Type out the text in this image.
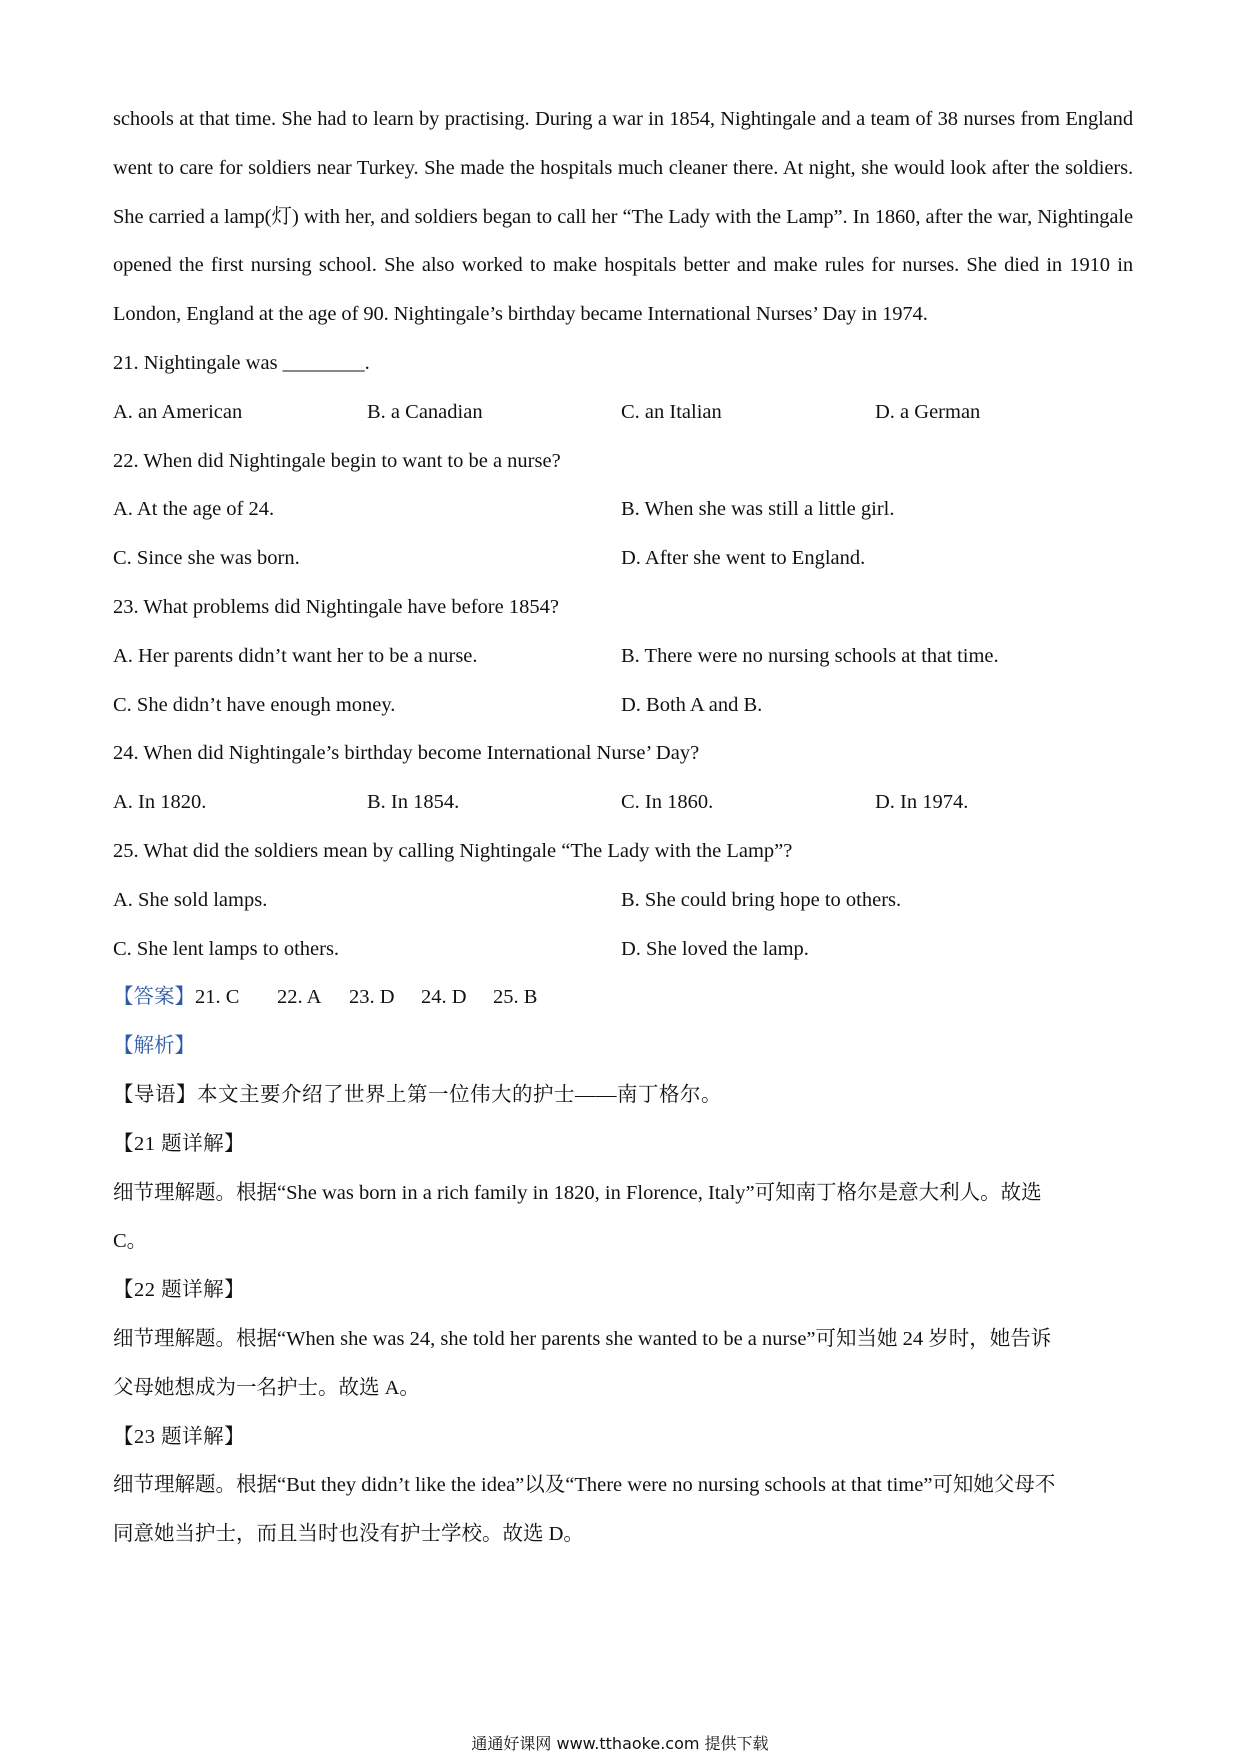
schools at that time. She had to learn by practising. During a war in 1854, Nightingale and a team of 38 nurses from England went to care for soldiers near Turkey. She made the hospitals much cleaner there. At night, she would look after the soldiers. She carried a lamp(灯) with her, and soldiers began to call her “The Lady with the Lamp”. In 1860, after the war, Nightingale opened the first nursing school. She also worked to make hospitals better and make rules for nurses. She died in 1910 in London, England at the age of 90. Nightingale’s birthday became International Nurses’ Day in 1974.

21. Nightingale was ________.

A. an American	B. a Canadian	C. an Italian	D. a German

22. When did Nightingale begin to want to be a nurse?

A. At the age of 24.	B. When she was still a little girl.
C. Since she was born.	D. After she went to England.

23. What problems did Nightingale have before 1854?

A. Her parents didn’t want her to be a nurse.	B. There were no nursing schools at that time.
C. She didn’t have enough money.	D. Both A and B.

24. When did Nightingale’s birthday become International Nurse’ Day?

A. In 1820.	B. In 1854.	C. In 1860.	D. In 1974.

25. What did the soldiers mean by calling Nightingale “The Lady with the Lamp”?

A. She sold lamps.	B. She could bring hope to others.
C. She lent lamps to others.	D. She loved the lamp.
【答案】 21. C	22. A	23. D	24. D	25. B

【解析】

【导语】本文主要介绍了世界上第一位伟大的护士——南丁格尔。

【21 题详解】

细节理解题。根据“She was born in a rich family in 1820, in Florence, Italy”可知南丁格尔是意大利人。故选

C。

【22 题详解】

细节理解题。根据“When she was 24, she told her parents she wanted to be a nurse”可知当她 24 岁时，她告诉

父母她想成为一名护士。故选 A。

【23 题详解】

细节理解题。根据“But they didn’t like the idea”以及“There were no nursing schools at that time”可知她父母不

同意她当护士，而且当时也没有护士学校。故选 D。

通通好课网 www.tthaoke.com 提供下载
